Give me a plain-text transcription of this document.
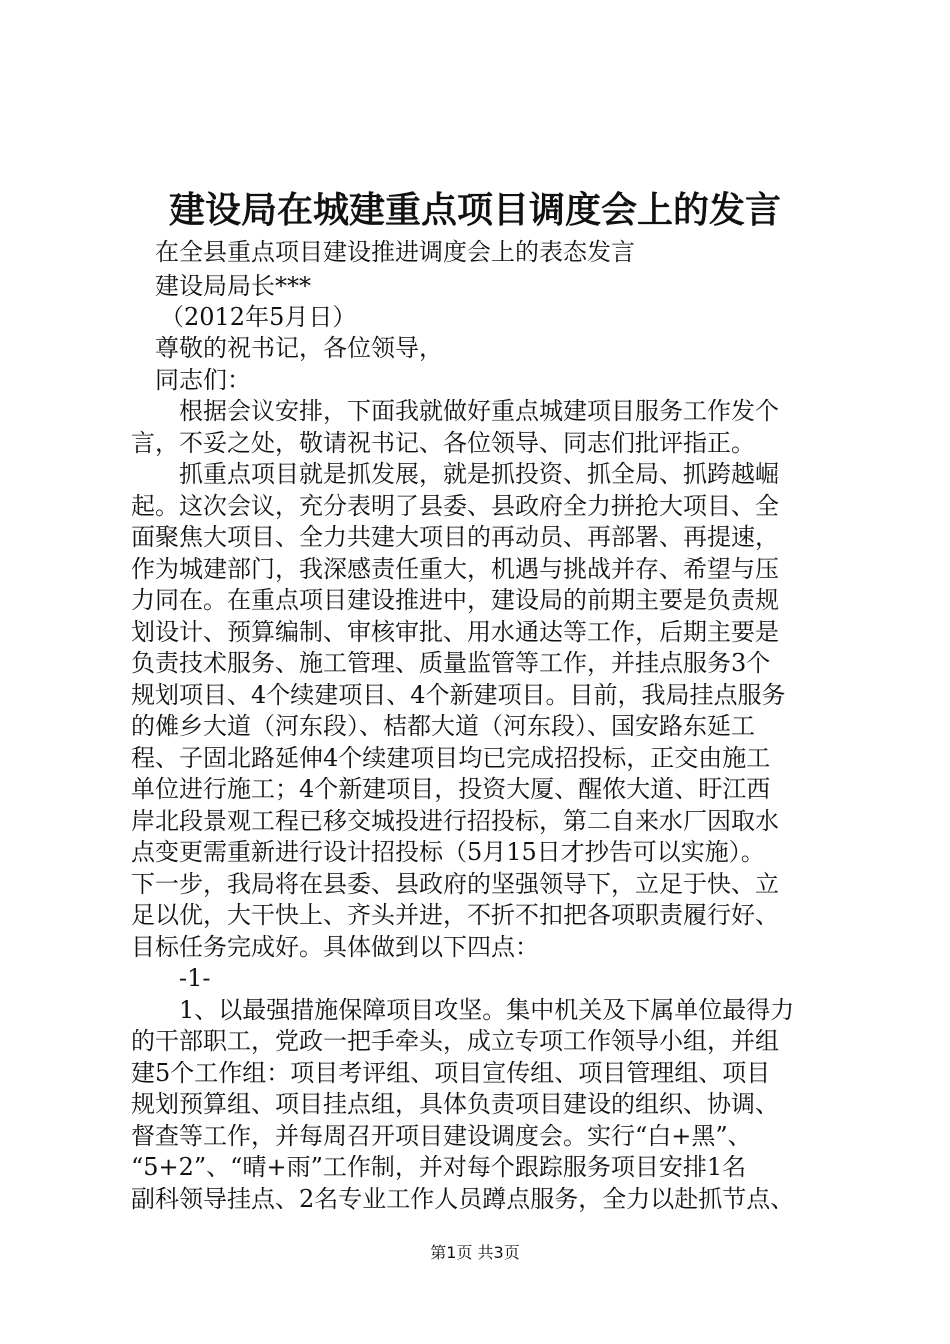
建设局在城建重点项目调度会上的发言
　在全县重点项目建设推进调度会上的表态发言
　建设局局长***
（2012年5月日）
　尊敬的祝书记，各位领导，
　同志们：
　　根据会议安排，下面我就做好重点城建项目服务工作发个
言，不妥之处，敬请祝书记、各位领导、同志们批评指正。
　　抓重点项目就是抓发展，就是抓投资、抓全局、抓跨越崛
起。这次会议，充分表明了县委、县政府全力拼抢大项目、全
面聚焦大项目、全力共建大项目的再动员、再部署、再提速，
作为城建部门，我深感责任重大，机遇与挑战并存、希望与压
力同在。在重点项目建设推进中，建设局的前期主要是负责规
划设计、预算编制、审核审批、用水通达等工作，后期主要是
负责技术服务、施工管理、质量监管等工作，并挂点服务3个
规划项目、4个续建项目、4个新建项目。目前，我局挂点服务
的傩乡大道（河东段）、桔都大道（河东段）、国安路东延工
程、子固北路延伸4个续建项目均已完成招投标，正交由施工
单位进行施工；4个新建项目，投资大厦、醒侬大道、盱江西
岸北段景观工程已移交城投进行招投标，第二自来水厂因取水
点变更需重新进行设计招投标（5月15日才抄告可以实施）。
下一步，我局将在县委、县政府的坚强领导下，立足于快、立
足以优，大干快上、齐头并进，不折不扣把各项职责履行好、
目标任务完成好。具体做到以下四点：
　　-1-
　　1、以最强措施保障项目攻坚。集中机关及下属单位最得力
的干部职工，党政一把手牵头，成立专项工作领导小组，并组
建5个工作组：项目考评组、项目宣传组、项目管理组、项目
规划预算组、项目挂点组，具体负责项目建设的组织、协调、
督查等工作，并每周召开项目建设调度会。实行“白+黑”、
“5+2”、“晴+雨”工作制，并对每个跟踪服务项目安排1名
副科领导挂点、2名专业工作人员蹲点服务，全力以赴抓节点、
第1页 共3页
